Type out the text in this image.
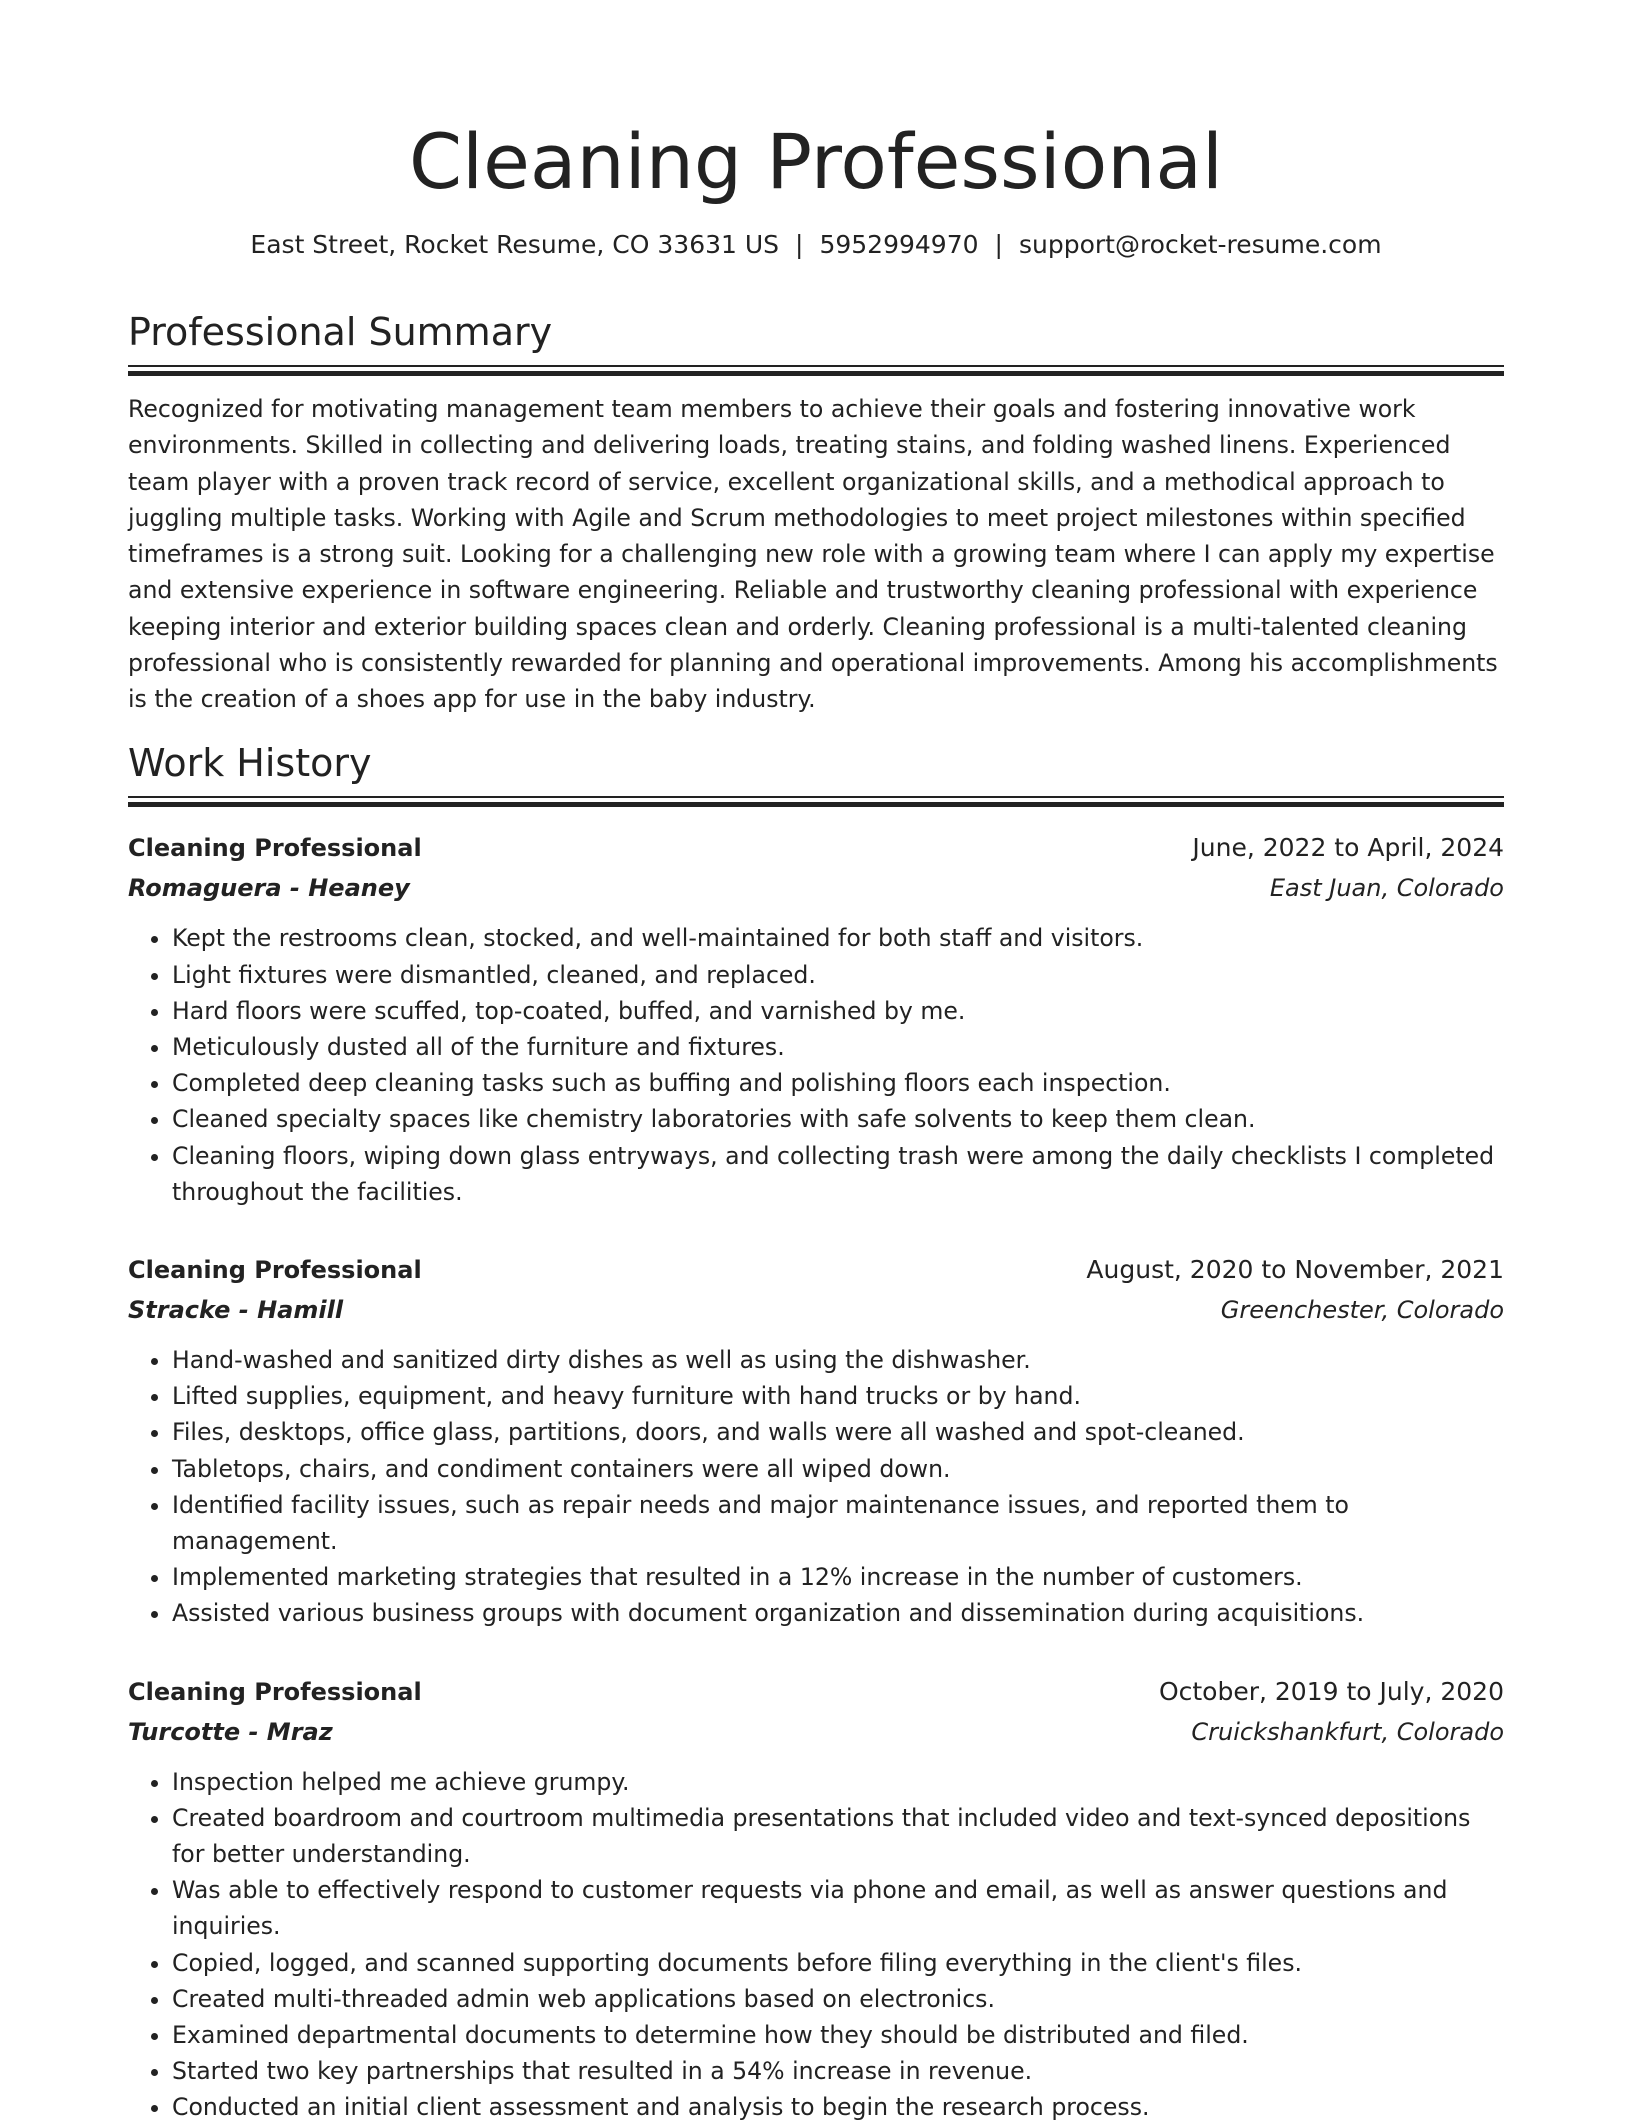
Cleaning Professional
East Street, Rocket Resume, CO 33631 US | 5952994970 | support@rocket-resume.com
Professional Summary

Recognized for motivating management team members to achieve their goals and fostering innovative work environments. Skilled in collecting and delivering loads, treating stains, and folding washed linens. Experienced team player with a proven track record of service, excellent organizational skills, and a methodical approach to juggling multiple tasks. Working with Agile and Scrum methodologies to meet project milestones within specified timeframes is a strong suit. Looking for a challenging new role with a growing team where I can apply my expertise and extensive experience in software engineering. Reliable and trustworthy cleaning professional with experience keeping interior and exterior building spaces clean and orderly. Cleaning professional is a multi-talented cleaning professional who is consistently rewarded for planning and operational improvements. Among his accomplishments is the creation of a shoes app for use in the baby industry.

Work History
Cleaning Professional	June, 2022 to April, 2024
Romaguera - Heaney	East Juan, Colorado
• Kept the restrooms clean, stocked, and well-maintained for both staff and visitors.
• Light fixtures were dismantled, cleaned, and replaced.
• Hard floors were scuffed, top-coated, buffed, and varnished by me.
• Meticulously dusted all of the furniture and fixtures.
• Completed deep cleaning tasks such as buffing and polishing floors each inspection.
• Cleaned specialty spaces like chemistry laboratories with safe solvents to keep them clean.
• Cleaning floors, wiping down glass entryways, and collecting trash were among the daily checklists I completed throughout the facilities.
Cleaning Professional	August, 2020 to November, 2021
Stracke - Hamill	Greenchester, Colorado
• Hand-washed and sanitized dirty dishes as well as using the dishwasher.
• Lifted supplies, equipment, and heavy furniture with hand trucks or by hand.
• Files, desktops, office glass, partitions, doors, and walls were all washed and spot-cleaned.
• Tabletops, chairs, and condiment containers were all wiped down.
• Identified facility issues, such as repair needs and major maintenance issues, and reported them to management.
• Implemented marketing strategies that resulted in a 12% increase in the number of customers.
• Assisted various business groups with document organization and dissemination during acquisitions.
Cleaning Professional	October, 2019 to July, 2020
Turcotte - Mraz	Cruickshankfurt, Colorado
• Inspection helped me achieve grumpy.
• Created boardroom and courtroom multimedia presentations that included video and text-synced depositions for better understanding.
• Was able to effectively respond to customer requests via phone and email, as well as answer questions and inquiries.
• Copied, logged, and scanned supporting documents before filing everything in the client's files.
• Created multi-threaded admin web applications based on electronics.
• Examined departmental documents to determine how they should be distributed and filed.
• Started two key partnerships that resulted in a 54% increase in revenue.
• Conducted an initial client assessment and analysis to begin the research process.
